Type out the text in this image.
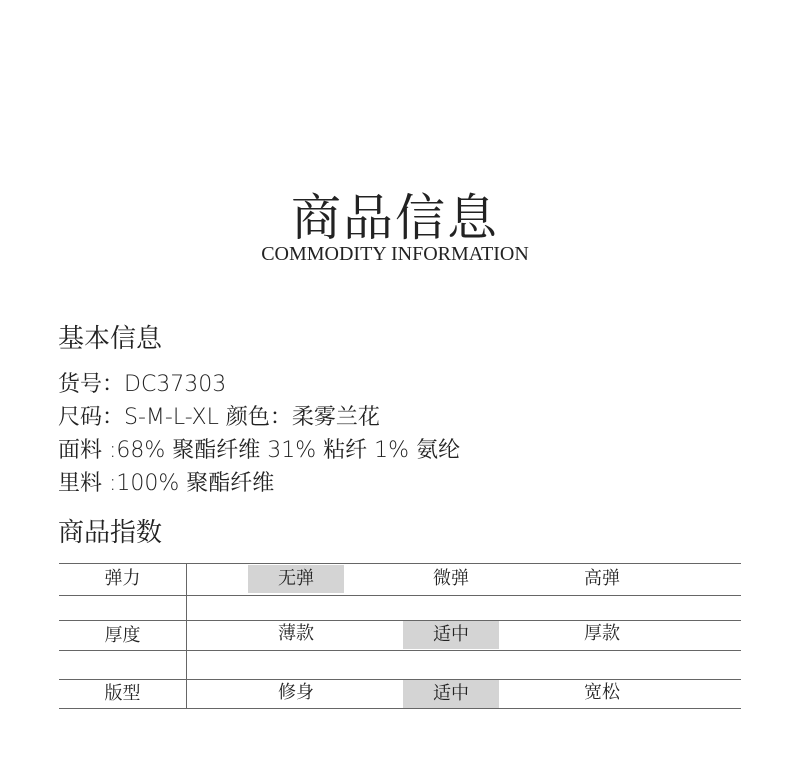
商品信息
COMMODITY INFORMATION
基本信息
货号：DC37303
尺码：S-M-L-XL 颜色：柔雾兰花
面料 :68% 聚酯纤维 31% 粘纤 1% 氨纶
里料 :100% 聚酯纤维
商品指数
弹力	无弹	微弹	高弹
厚度	薄款	适中	厚款
版型	修身	适中	宽松
